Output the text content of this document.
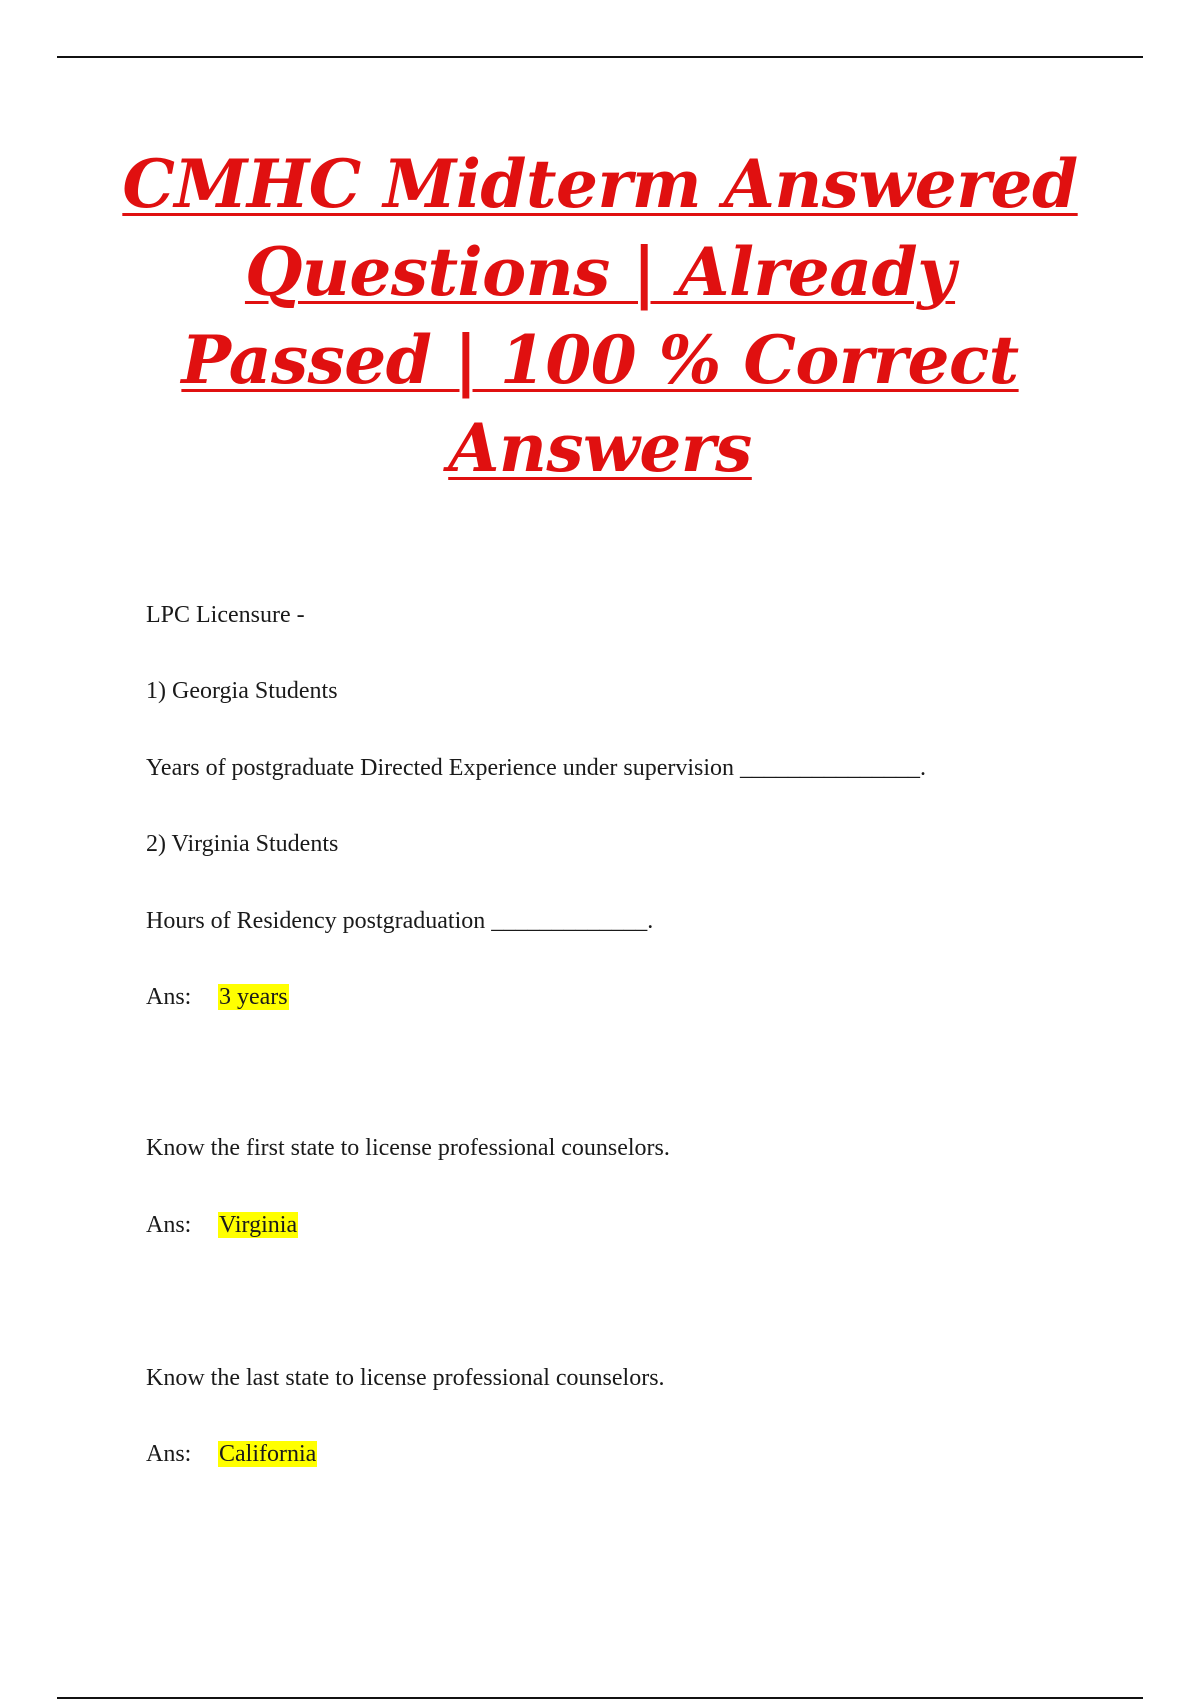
CMHC Midterm Answered
Questions | Already
Passed | 100 % Correct
Answers
LPC Licensure -
1) Georgia Students
Years of postgraduate Directed Experience under supervision _______________.
2) Virginia Students
Hours of Residency postgraduation _____________.
Ans: 3 years
Know the first state to license professional counselors.
Ans: Virginia
Know the last state to license professional counselors.
Ans: California
